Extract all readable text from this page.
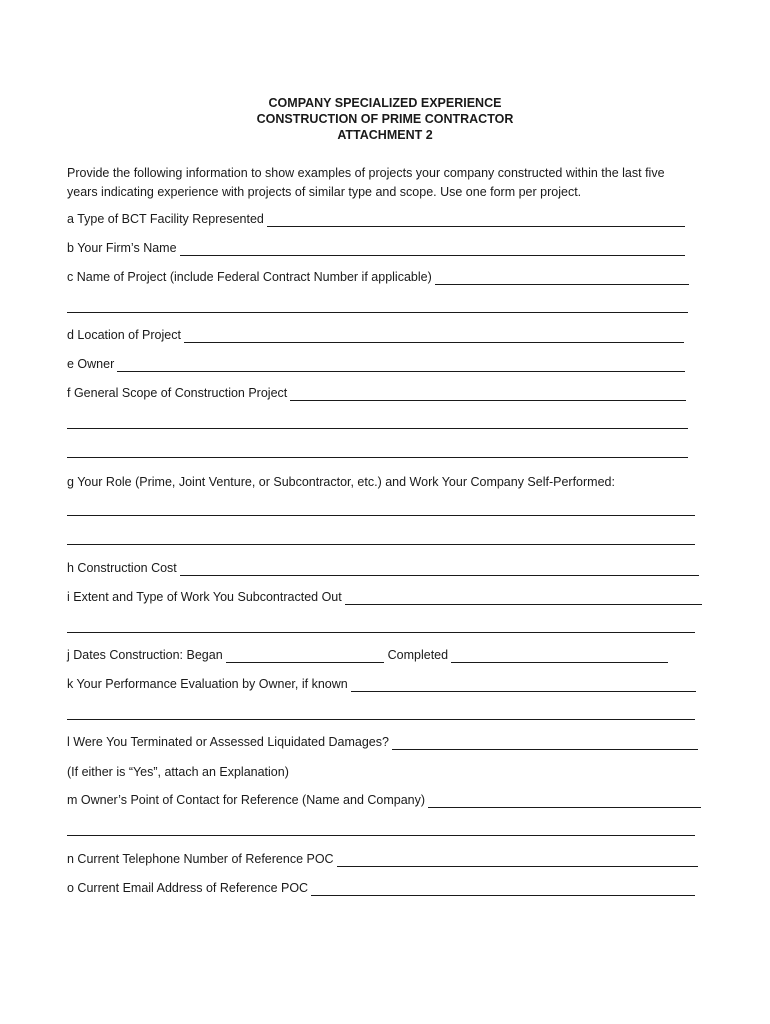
COMPANY SPECIALIZED EXPERIENCE
CONSTRUCTION OF PRIME CONTRACTOR
ATTACHMENT 2
Provide the following information to show examples of projects your company constructed within the last five years indicating experience with projects of similar type and scope. Use one form per project.
a Type of BCT Facility Represented
b Your Firm’s Name
c Name of Project (include Federal Contract Number if applicable)
d Location of Project
e Owner
f General Scope of Construction Project
g Your Role (Prime, Joint Venture, or Subcontractor, etc.) and Work Your Company Self-Performed:
h Construction Cost
i Extent and Type of Work You Subcontracted Out
j Dates Construction: Began	Completed
k Your Performance Evaluation by Owner, if known
l Were You Terminated or Assessed Liquidated Damages?
(If either is “Yes”, attach an Explanation)
m Owner’s Point of Contact for Reference (Name and Company)
n Current Telephone Number of Reference POC
o Current Email Address of Reference POC
